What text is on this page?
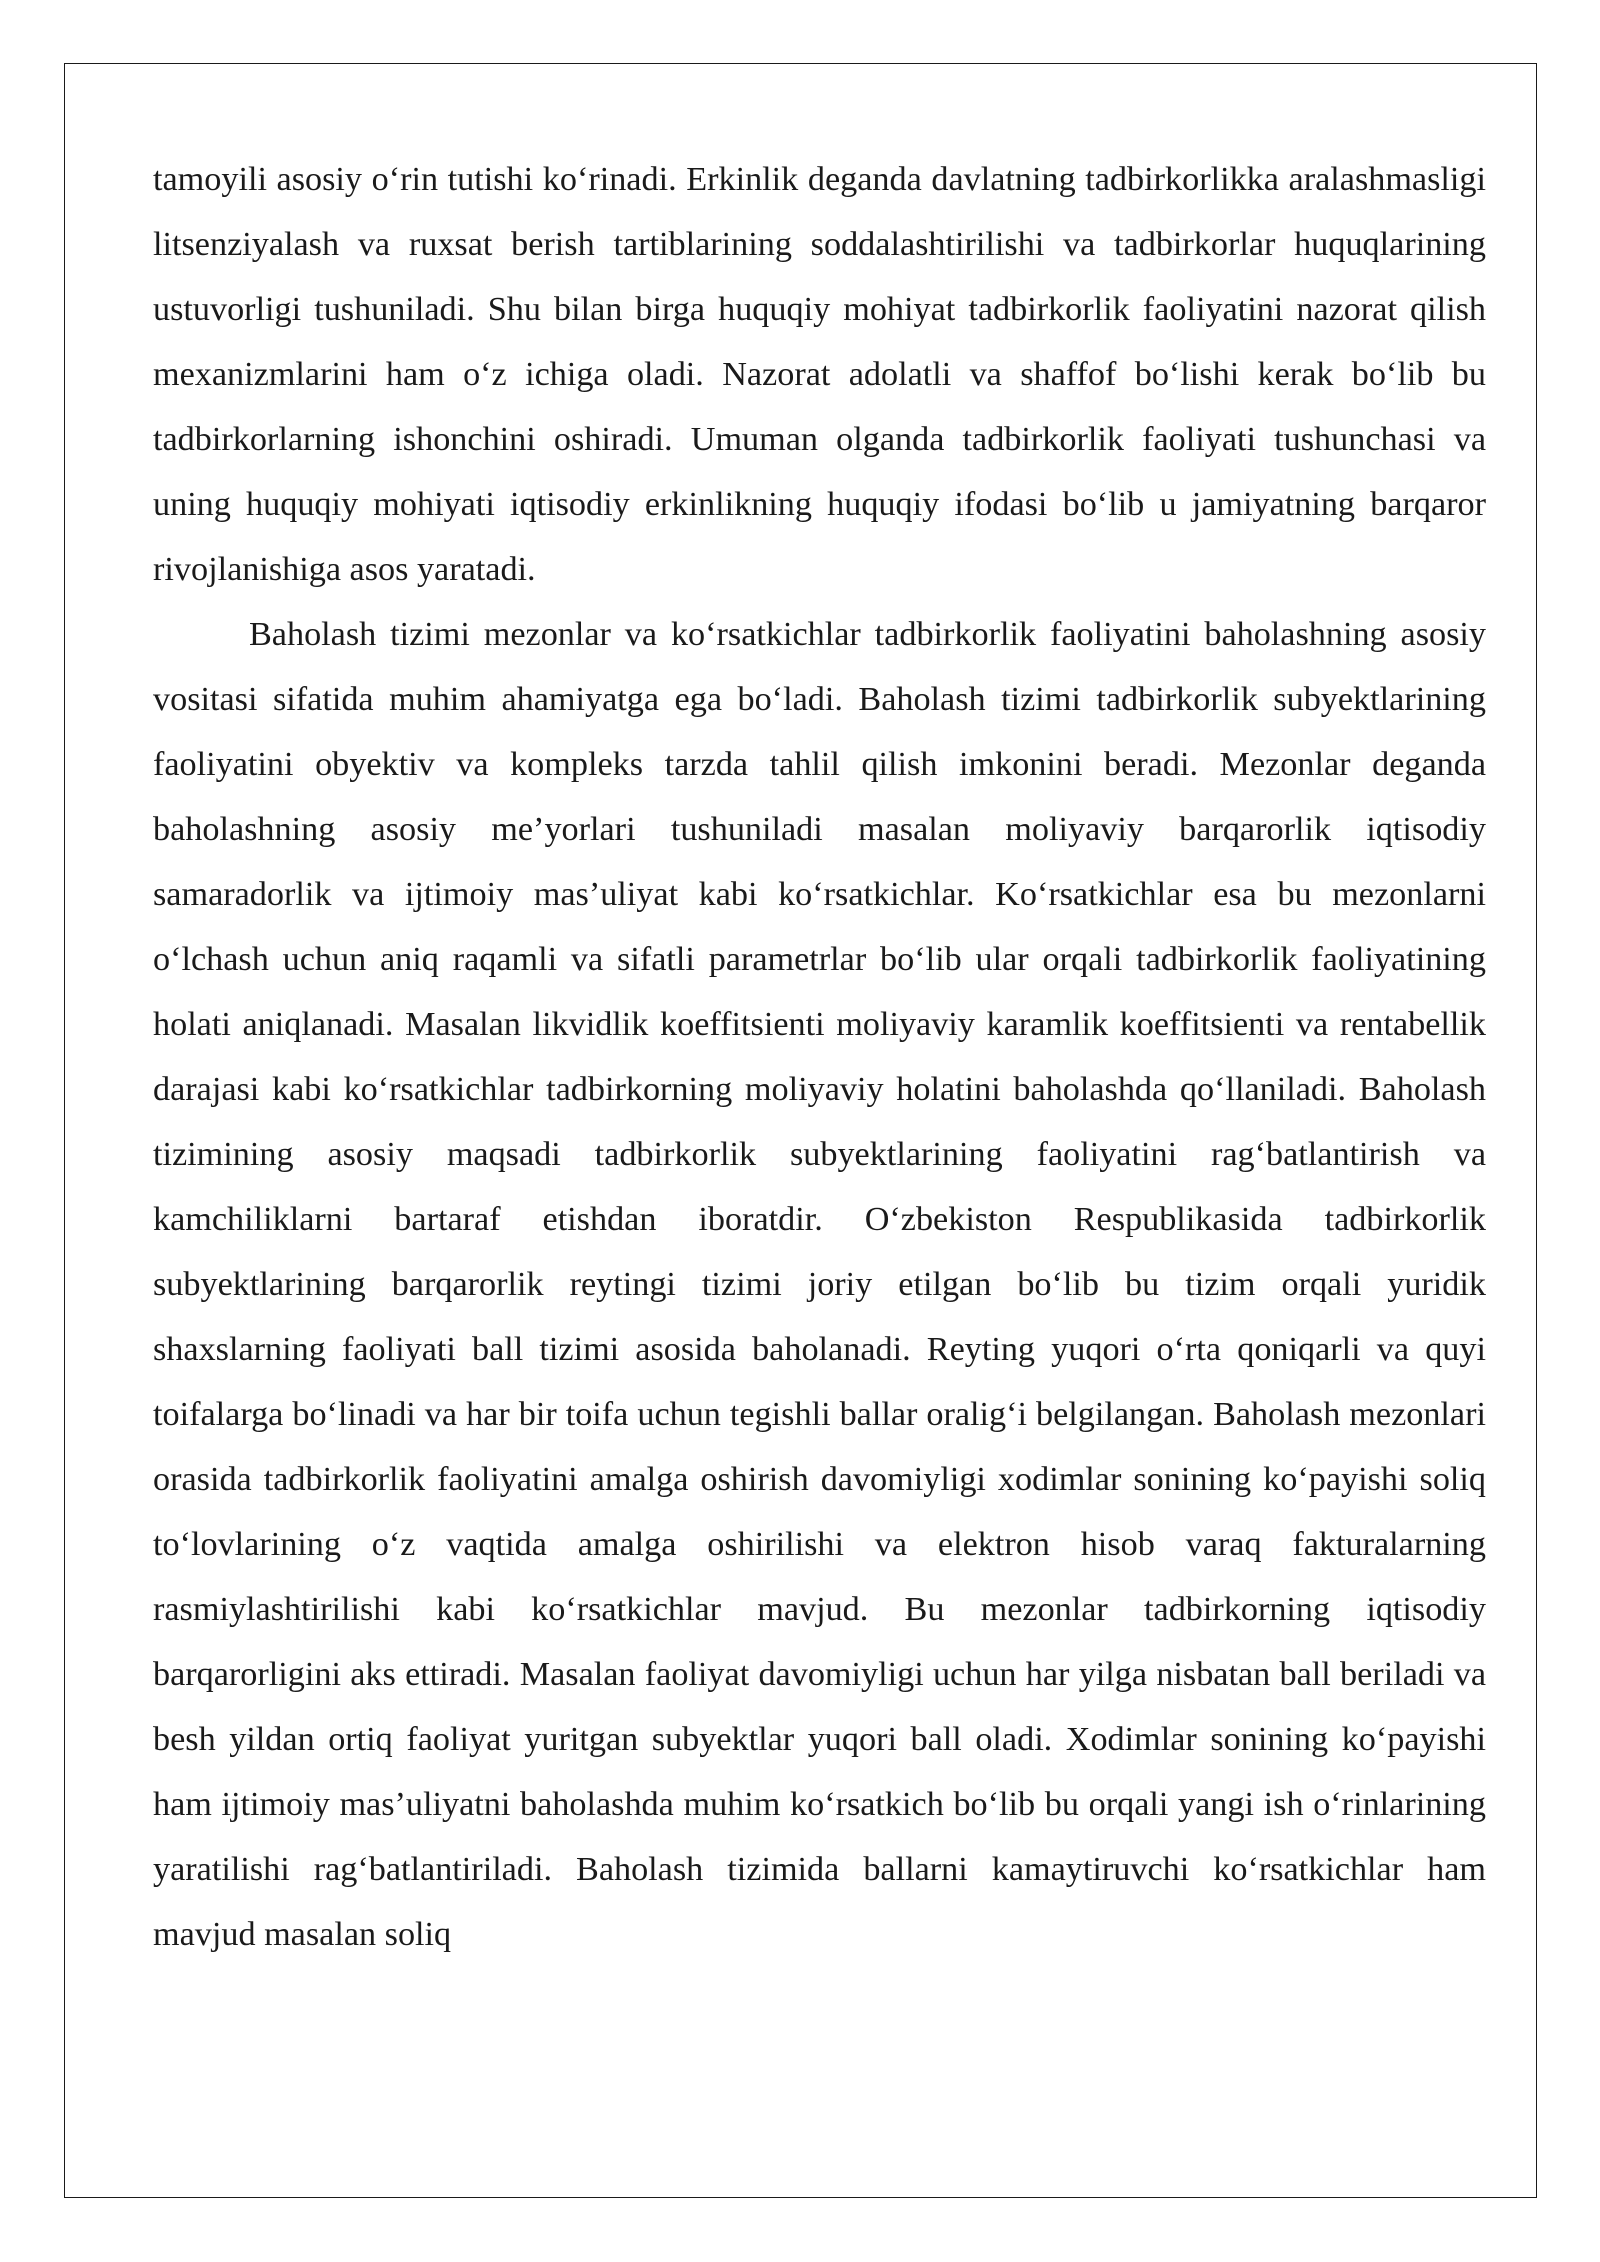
tamoyili asosiy o‘rin tutishi ko‘rinadi. Erkinlik deganda davlatning tadbirkorlikka aralashmasligi litsenziyalash va ruxsat berish tartiblarining soddalashtirilishi va tadbirkorlar huquqlarining ustuvorligi tushuniladi. Shu bilan birga huquqiy mohiyat tadbirkorlik faoliyatini nazorat qilish mexanizmlarini ham o‘z ichiga oladi. Nazorat adolatli va shaffof bo‘lishi kerak bo‘lib bu tadbirkorlarning ishonchini oshiradi. Umuman olganda tadbirkorlik faoliyati tushunchasi va uning huquqiy mohiyati iqtisodiy erkinlikning huquqiy ifodasi bo‘lib u jamiyatning barqaror rivojlanishiga asos yaratadi.

Baholash tizimi mezonlar va ko‘rsatkichlar tadbirkorlik faoliyatini baholashning asosiy vositasi sifatida muhim ahamiyatga ega bo‘ladi. Baholash tizimi tadbirkorlik subyektlarining faoliyatini obyektiv va kompleks tarzda tahlil qilish imkonini beradi. Mezonlar deganda baholashning asosiy me’yorlari tushuniladi masalan moliyaviy barqarorlik iqtisodiy samaradorlik va ijtimoiy mas’uliyat kabi ko‘rsatkichlar. Ko‘rsatkichlar esa bu mezonlarni o‘lchash uchun aniq raqamli va sifatli parametrlar bo‘lib ular orqali tadbirkorlik faoliyatining holati aniqlanadi. Masalan likvidlik koeffitsienti moliyaviy karamlik koeffitsienti va rentabellik darajasi kabi ko‘rsatkichlar tadbirkorning moliyaviy holatini baholashda qo‘llaniladi. Baholash tizimining asosiy maqsadi tadbirkorlik subyektlarining faoliyatini rag‘batlantirish va kamchiliklarni bartaraf etishdan iboratdir. O‘zbekiston Respublikasida tadbirkorlik subyektlarining barqarorlik reytingi tizimi joriy etilgan bo‘lib bu tizim orqali yuridik shaxslarning faoliyati ball tizimi asosida baholanadi. Reyting yuqori o‘rta qoniqarli va quyi toifalarga bo‘linadi va har bir toifa uchun tegishli ballar oralig‘i belgilangan. Baholash mezonlari orasida tadbirkorlik faoliyatini amalga oshirish davomiyligi xodimlar sonining ko‘payishi soliq to‘lovlarining o‘z vaqtida amalga oshirilishi va elektron hisob varaq fakturalarning rasmiylashtirilishi kabi ko‘rsatkichlar mavjud. Bu mezonlar tadbirkorning iqtisodiy barqarorligini aks ettiradi. Masalan faoliyat davomiyligi uchun har yilga nisbatan ball beriladi va besh yildan ortiq faoliyat yuritgan subyektlar yuqori ball oladi. Xodimlar sonining ko‘payishi ham ijtimoiy mas’uliyatni baholashda muhim ko‘rsatkich bo‘lib bu orqali yangi ish o‘rinlarining yaratilishi rag‘batlantiriladi. Baholash tizimida ballarni kamaytiruvchi ko‘rsatkichlar ham mavjud masalan soliq
